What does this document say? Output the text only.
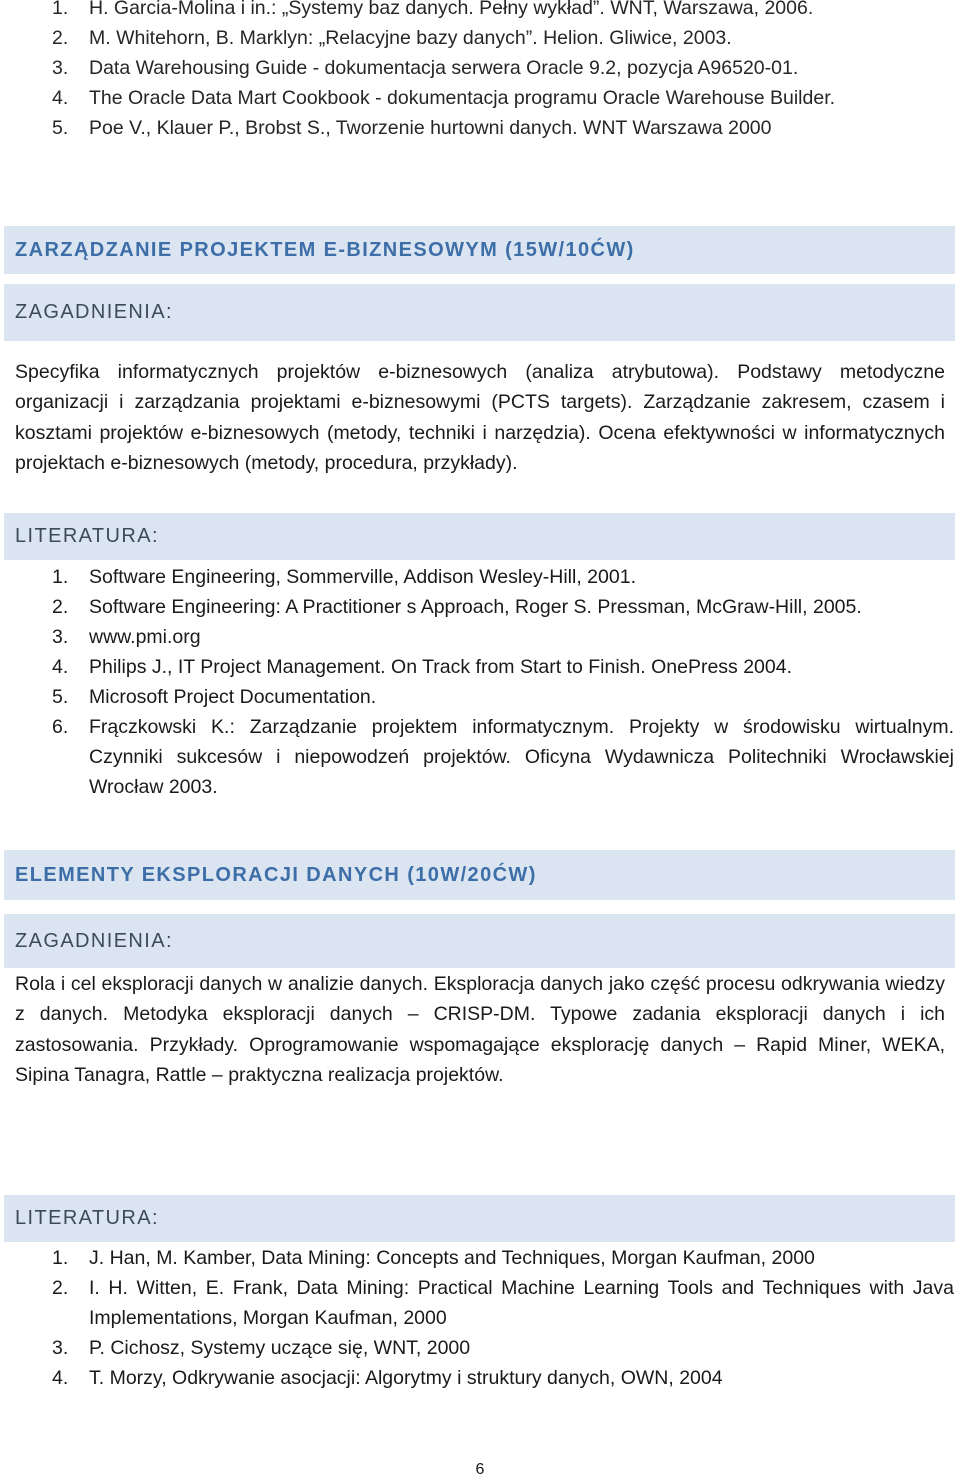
1. H. Garcia-Molina i in.: „Systemy baz danych. Pełny wykład”. WNT, Warszawa, 2006.
2. M. Whitehorn, B. Marklyn: „Relacyjne bazy danych”. Helion. Gliwice, 2003.
3. Data Warehousing Guide - dokumentacja serwera Oracle 9.2, pozycja A96520-01.
4. The Oracle Data Mart Cookbook - dokumentacja programu Oracle Warehouse Builder.
5. Poe V., Klauer P., Brobst S., Tworzenie hurtowni danych. WNT Warszawa 2000
ZARZĄDZANIE PROJEKTEM E-BIZNESOWYM (15W/10ĆW)
ZAGADNIENIA:

Specyfika informatycznych projektów e-biznesowych (analiza atrybutowa). Podstawy metodyczne organizacji i zarządzania projektami e-biznesowymi (PCTS targets). Zarządzanie zakresem, czasem i kosztami projektów e-biznesowych (metody, techniki i narzędzia). Ocena efektywności w informatycznych projektach e-biznesowych (metody, procedura, przykłady).

LITERATURA:
1. Software Engineering, Sommerville, Addison Wesley-Hill, 2001.
2. Software Engineering: A Practitioner s Approach, Roger S. Pressman, McGraw-Hill, 2005.
3. www.pmi.org
4. Philips J., IT Project Management. On Track from Start to Finish. OnePress 2004.
5. Microsoft Project Documentation.
6. Frączkowski K.: Zarządzanie projektem informatycznym. Projekty w środowisku wirtualnym. Czynniki sukcesów i niepowodzeń projektów. Oficyna Wydawnicza Politechniki Wrocławskiej Wrocław 2003.
ELEMENTY EKSPLORACJI DANYCH (10W/20ĆW)
ZAGADNIENIA:

Rola i cel eksploracji danych w analizie danych. Eksploracja danych jako część procesu odkrywania wiedzy z danych. Metodyka eksploracji danych – CRISP-DM. Typowe zadania eksploracji danych i ich zastosowania. Przykłady. Oprogramowanie wspomagające eksplorację danych – Rapid Miner, WEKA, Sipina Tanagra, Rattle – praktyczna realizacja projektów.

LITERATURA:
1. J. Han, M. Kamber, Data Mining: Concepts and Techniques, Morgan Kaufman, 2000
2. I. H. Witten, E. Frank, Data Mining: Practical Machine Learning Tools and Techniques with Java Implementations, Morgan Kaufman, 2000
3. P. Cichosz, Systemy uczące się, WNT, 2000
4. T. Morzy, Odkrywanie asocjacji: Algorytmy i struktury danych, OWN, 2004
6
